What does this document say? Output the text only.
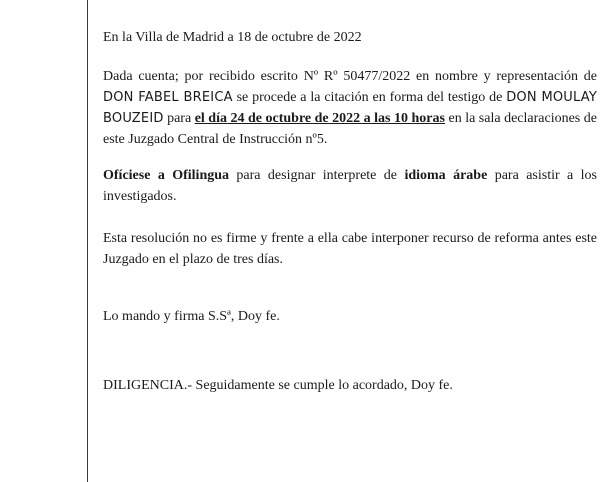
En la Villa de Madrid a 18 de octubre de 2022

Dada cuenta; por recibido escrito Nº Rº 50477/2022 en nombre y representación de DON FABEL BREICA se procede a la citación en forma del testigo de DON MOULAY BOUZEID para el día 24 de octubre de 2022 a las 10 horas en la sala declaraciones de este Juzgado Central de Instrucción nº5.

Ofíciese a Ofilingua para designar interprete de idioma árabe para asistir a los investigados.

Esta resolución no es firme y frente a ella cabe interponer recurso de reforma antes este Juzgado en el plazo de tres días.

Lo mando y firma S.Sª, Doy fe.

DILIGENCIA.- Seguidamente se cumple lo acordado, Doy fe.
